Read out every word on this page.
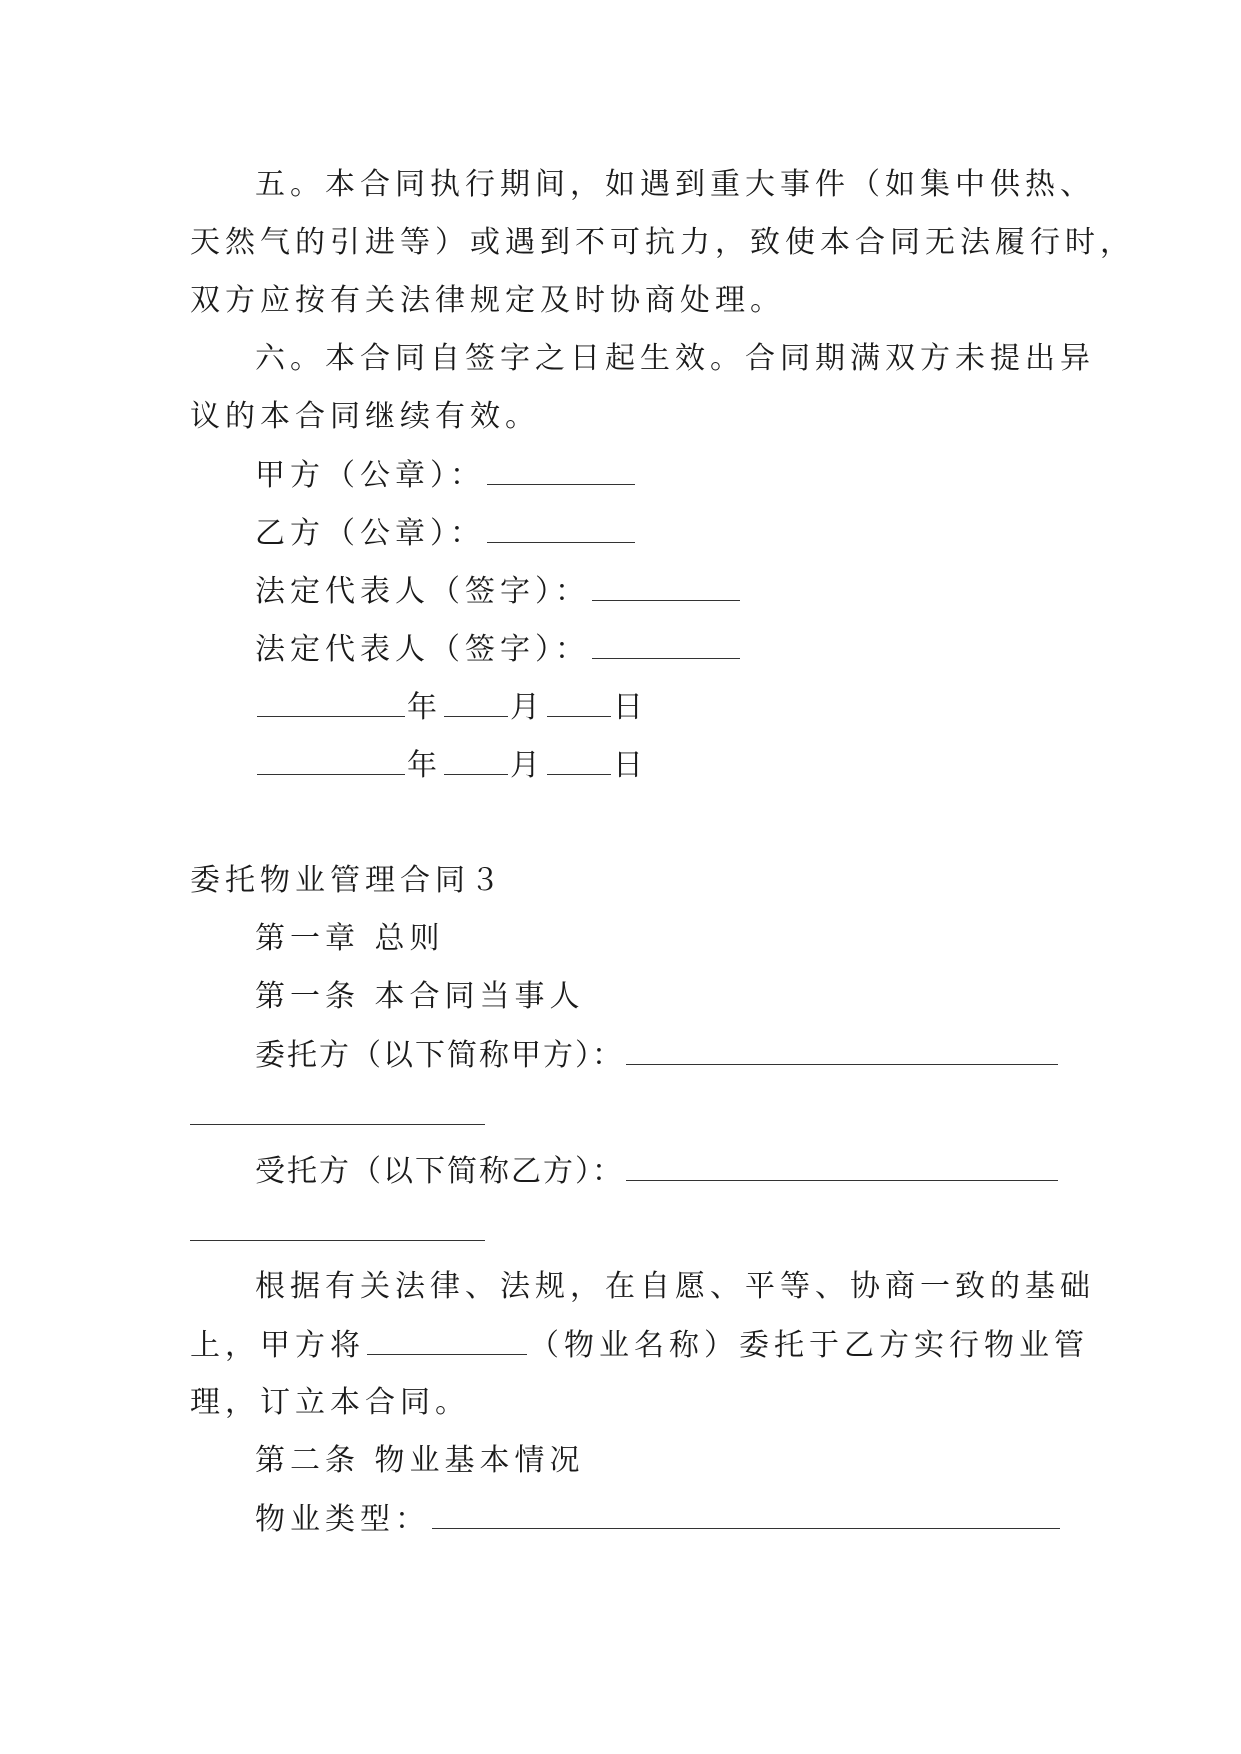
五。本合同执行期间，如遇到重大事件（如集中供热、
天然气的引进等）或遇到不可抗力，致使本合同无法履行时，
双方应按有关法律规定及时协商处理。
六。本合同自签字之日起生效。合同期满双方未提出异
议的本合同继续有效。
甲方（公章）：
乙方（公章）：
法定代表人（签字）：
法定代表人（签字）：
年 月 日
年 月 日
委托物业管理合同３
第一章 总则
第一条 本合同当事人
委托方（以下简称甲方）：
受托方（以下简称乙方）：
根据有关法律、法规，在自愿、平等、协商一致的基础
上，甲方将	（物业名称）委托于乙方实行物业管
理，订立本合同。
第二条 物业基本情况
物业类型：
